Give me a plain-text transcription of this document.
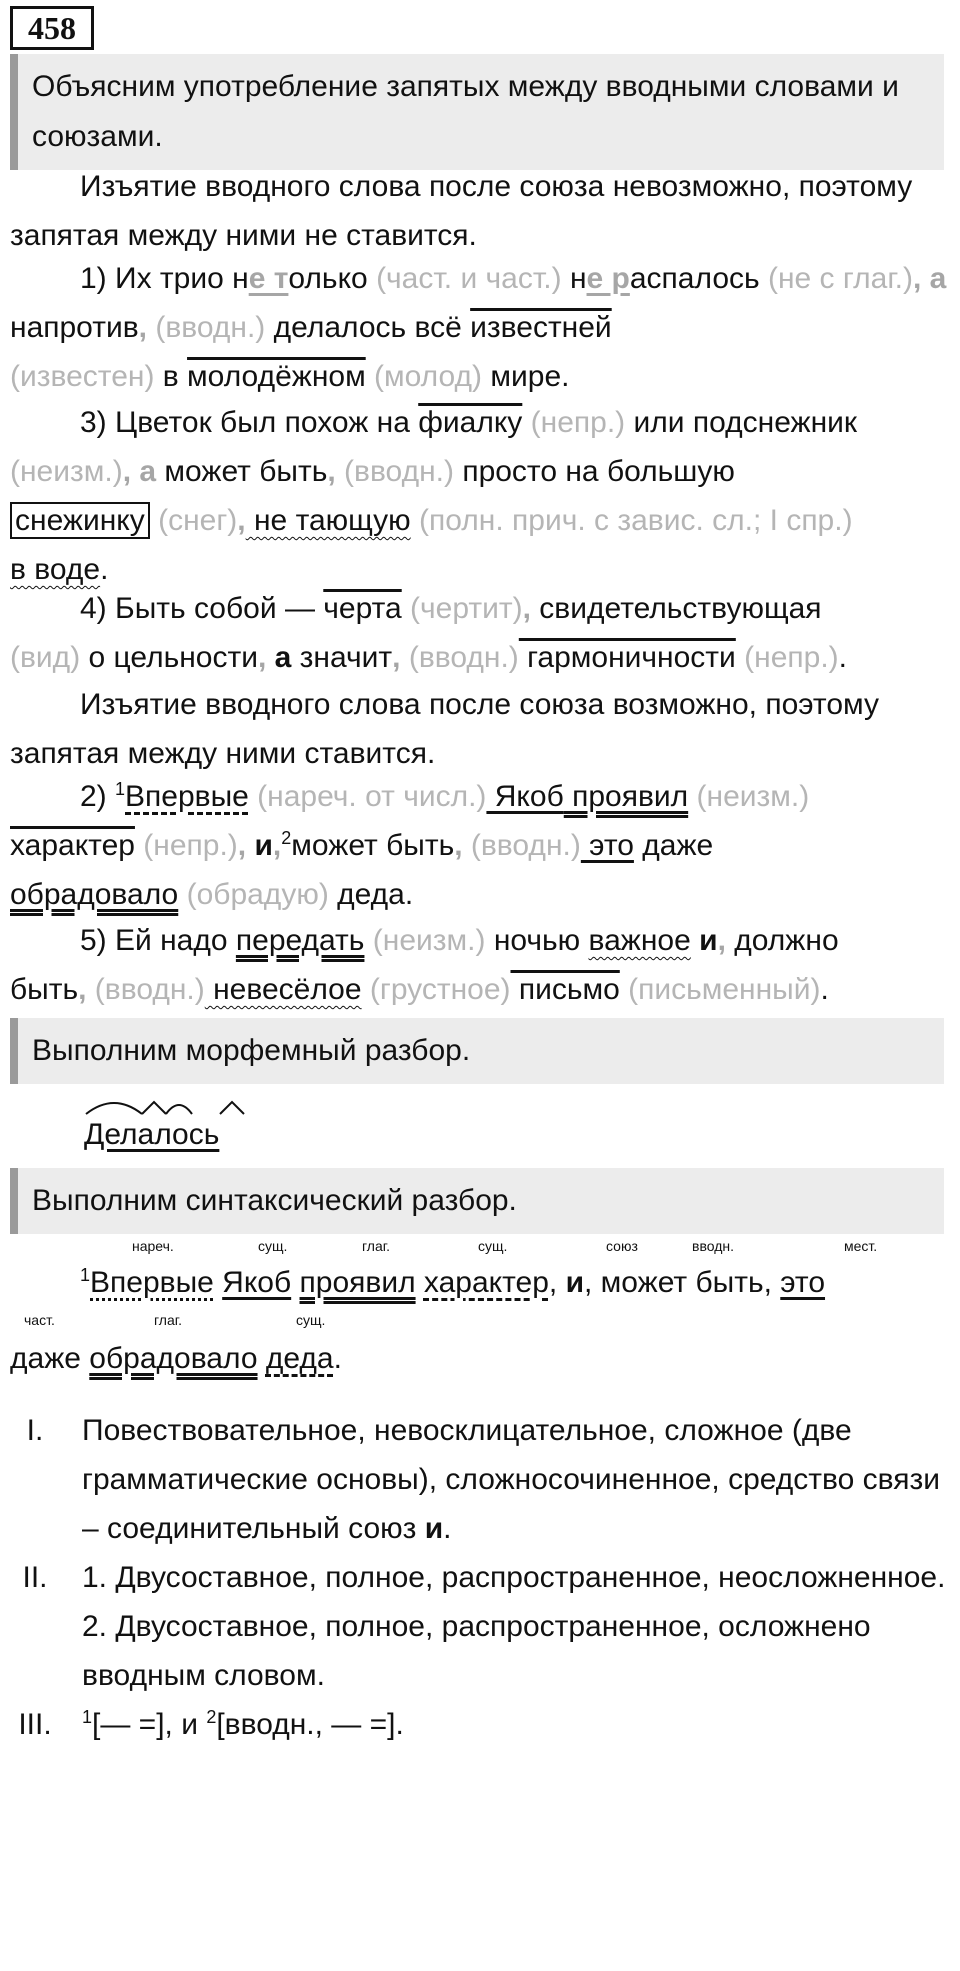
458
Объясним употребление запятых между вводными словами и союзами.
Изъятие вводного слова после союза невозможно, поэтому запятая между ними не ставится.
1) Их трио не только (част. и част.) не распалось (не с глаг.), а напротив, (вводн.) делалось всё известней
(известен) в молодёжном (молод) мире.
3) Цветок был похож на фиалку (непр.) или подснежник
(неизм.), а может быть, (вводн.) просто на большую
снежинку (снег), не тающую (полн. прич. с завис. сл.; I спр.)
в воде.
4) Быть собой — черта (чертит), свидетельствующая
(вид) о цельности, а значит, (вводн.) гармоничности (непр.).
Изъятие вводного слова после союза возможно, поэтому запятая между ними ставится.
2) $^1$Впервые (нареч. от числ.) Якоб проявил (неизм.)
характер (непр.), и,$^2$может быть, (вводн.) это даже
обрадовало (обрадую) деда.
5) Ей надо передать (неизм.) ночью важное и, должно
быть, (вводн.) невесёлое (грустное) письмо (письменный).
Выполним морфемный разбор.
Делалось
Выполним синтаксический разбор.
нареч.	сущ.	глаг.	сущ.	союз	вводн.	мест.
$^1$Впервые Якоб проявил характер, и, может быть, это
част.	глаг.	сущ.
даже обрадовало деда.
I.	Повествовательное, невосклицательное, сложное (две грамматические основы), сложносочиненное, средство связи – соединительный союз и.
II.	1. Двусоставное, полное, распространенное, неосложненное. 2. Двусоставное, полное, распространенное, осложнено вводным словом.
III.	$^1$[— =], и $^2$[вводн., — =].
